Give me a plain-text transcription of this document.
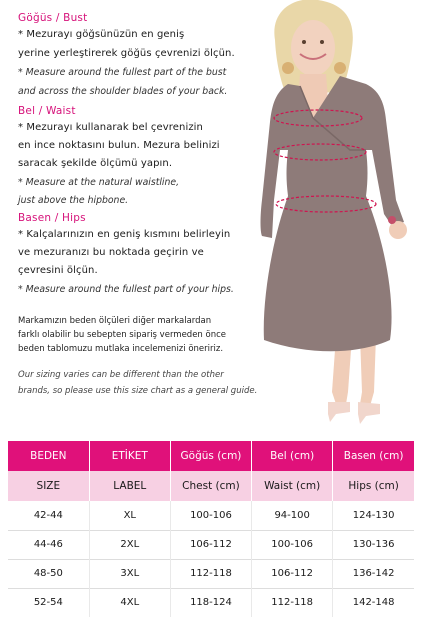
Göğüs / Bust
* Mezurayı göğsünüzün en geniş
yerine yerleştirerek göğüs çevrenizi ölçün.
* Measure around the fullest part of the bust
and across the shoulder blades of your back.
Bel / Waist
* Mezurayı kullanarak bel çevrenizin
en ince noktasını bulun. Mezura belinizi
saracak şekilde ölçümü yapın.
* Measure at the natural waistline,
just above the hipbone.
Basen / Hips
* Kalçalarınızın en geniş kısmını belirleyin
ve mezuranızı bu noktada geçirin ve
çevresini ölçün.
* Measure around the fullest part of your hips.
Markamızın beden ölçüleri diğer markalardan
farklı olabilir bu sebepten sipariş vermeden önce
beden tablomuzu mutlaka incelemenizi öneririz.
Our sizing varies can be different than the other
brands, so please use this size chart as a general guide.
BEDEN	ETİKET	Göğüs (cm)	Bel (cm)	Basen (cm)
SIZE	LABEL	Chest (cm)	Waist (cm)	Hips (cm)
42-44	XL	100-106	94-100	124-130
44-46	2XL	106-112	100-106	130-136
48-50	3XL	112-118	106-112	136-142
52-54	4XL	118-124	112-118	142-148
